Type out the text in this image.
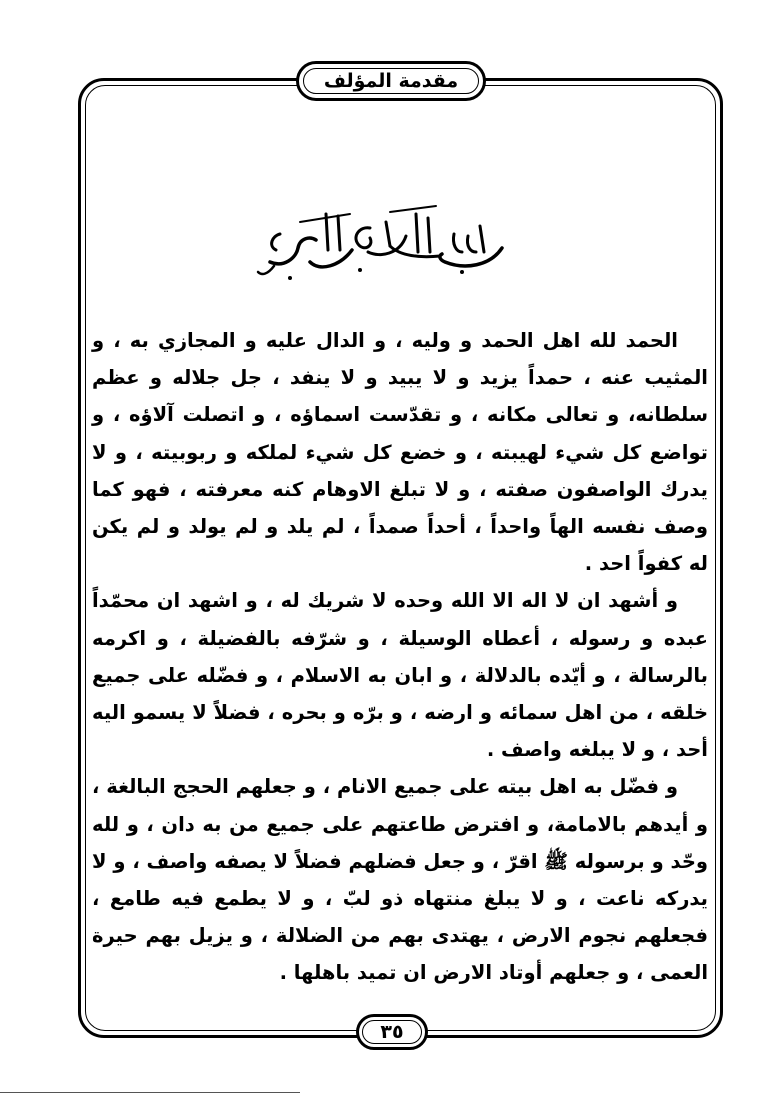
مقدمة المؤلف

الحمد لله اهل الحمد و وليه ، و الدال عليه و المجازي به ، و المثيب عنه ، حمداً يزيد و لا يبيد و لا ينفد ، جل جلاله و عظم سلطانه، و تعالى مكانه ، و تقدّست اسماؤه ، و اتصلت آلاؤه ، و تواضع كل شيء لهيبته ، و خضع كل شيء لملكه و ربوبيته ، و لا يدرك الواصفون صفته ، و لا تبلغ الاوهام كنه معرفته ، فهو كما وصف نفسه الهاً واحداً ، أحداً صمداً ، لم يلد و لم يولد و لم يكن له كفواً احد .

و أشهد ان لا اله الا الله وحده لا شريك له ، و اشهد ان محمّداً عبده و رسوله ، أعطاه الوسيلة ، و شرّفه بالفضيلة ، و اكرمه بالرسالة ، و أيّده بالدلالة ، و ابان به الاسلام ، و فضّله على جميع خلقه ، من اهل سمائه و ارضه ، و برّه و بحره ، فضلاً لا يسمو اليه أحد ، و لا يبلغه واصف .

و فضّل به اهل بيته على جميع الانام ، و جعلهم الحجج البالغة ، و أيدهم بالامامة، و افترض طاعتهم على جميع من به دان ، و لله وحّد و برسوله ﷺ اقرّ ، و جعل فضلهم فضلاً لا يصفه واصف ، و لا يدركه ناعت ، و لا يبلغ منتهاه ذو لبّ ، و لا يطمع فيه طامع ، فجعلهم نجوم الارض ، يهتدى بهم من الضلالة ، و يزيل بهم حيرة العمى ، و جعلهم أوتاد الارض ان تميد باهلها .

٣٥
